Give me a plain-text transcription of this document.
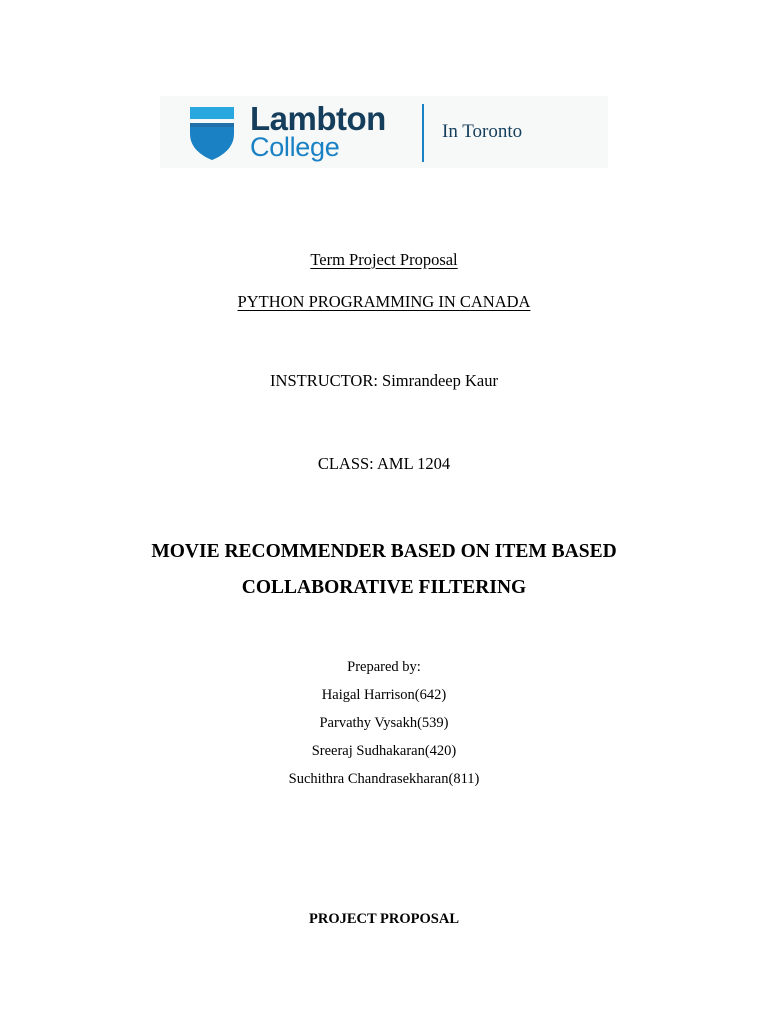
Lambton
College
In Toronto
Term Project Proposal
PYTHON PROGRAMMING IN CANADA
INSTRUCTOR: Simrandeep Kaur
CLASS: AML 1204
MOVIE RECOMMENDER BASED ON ITEM BASED
COLLABORATIVE FILTERING
Prepared by:
Haigal Harrison(642)
Parvathy Vysakh(539)
Sreeraj Sudhakaran(420)
Suchithra Chandrasekharan(811)
PROJECT PROPOSAL
